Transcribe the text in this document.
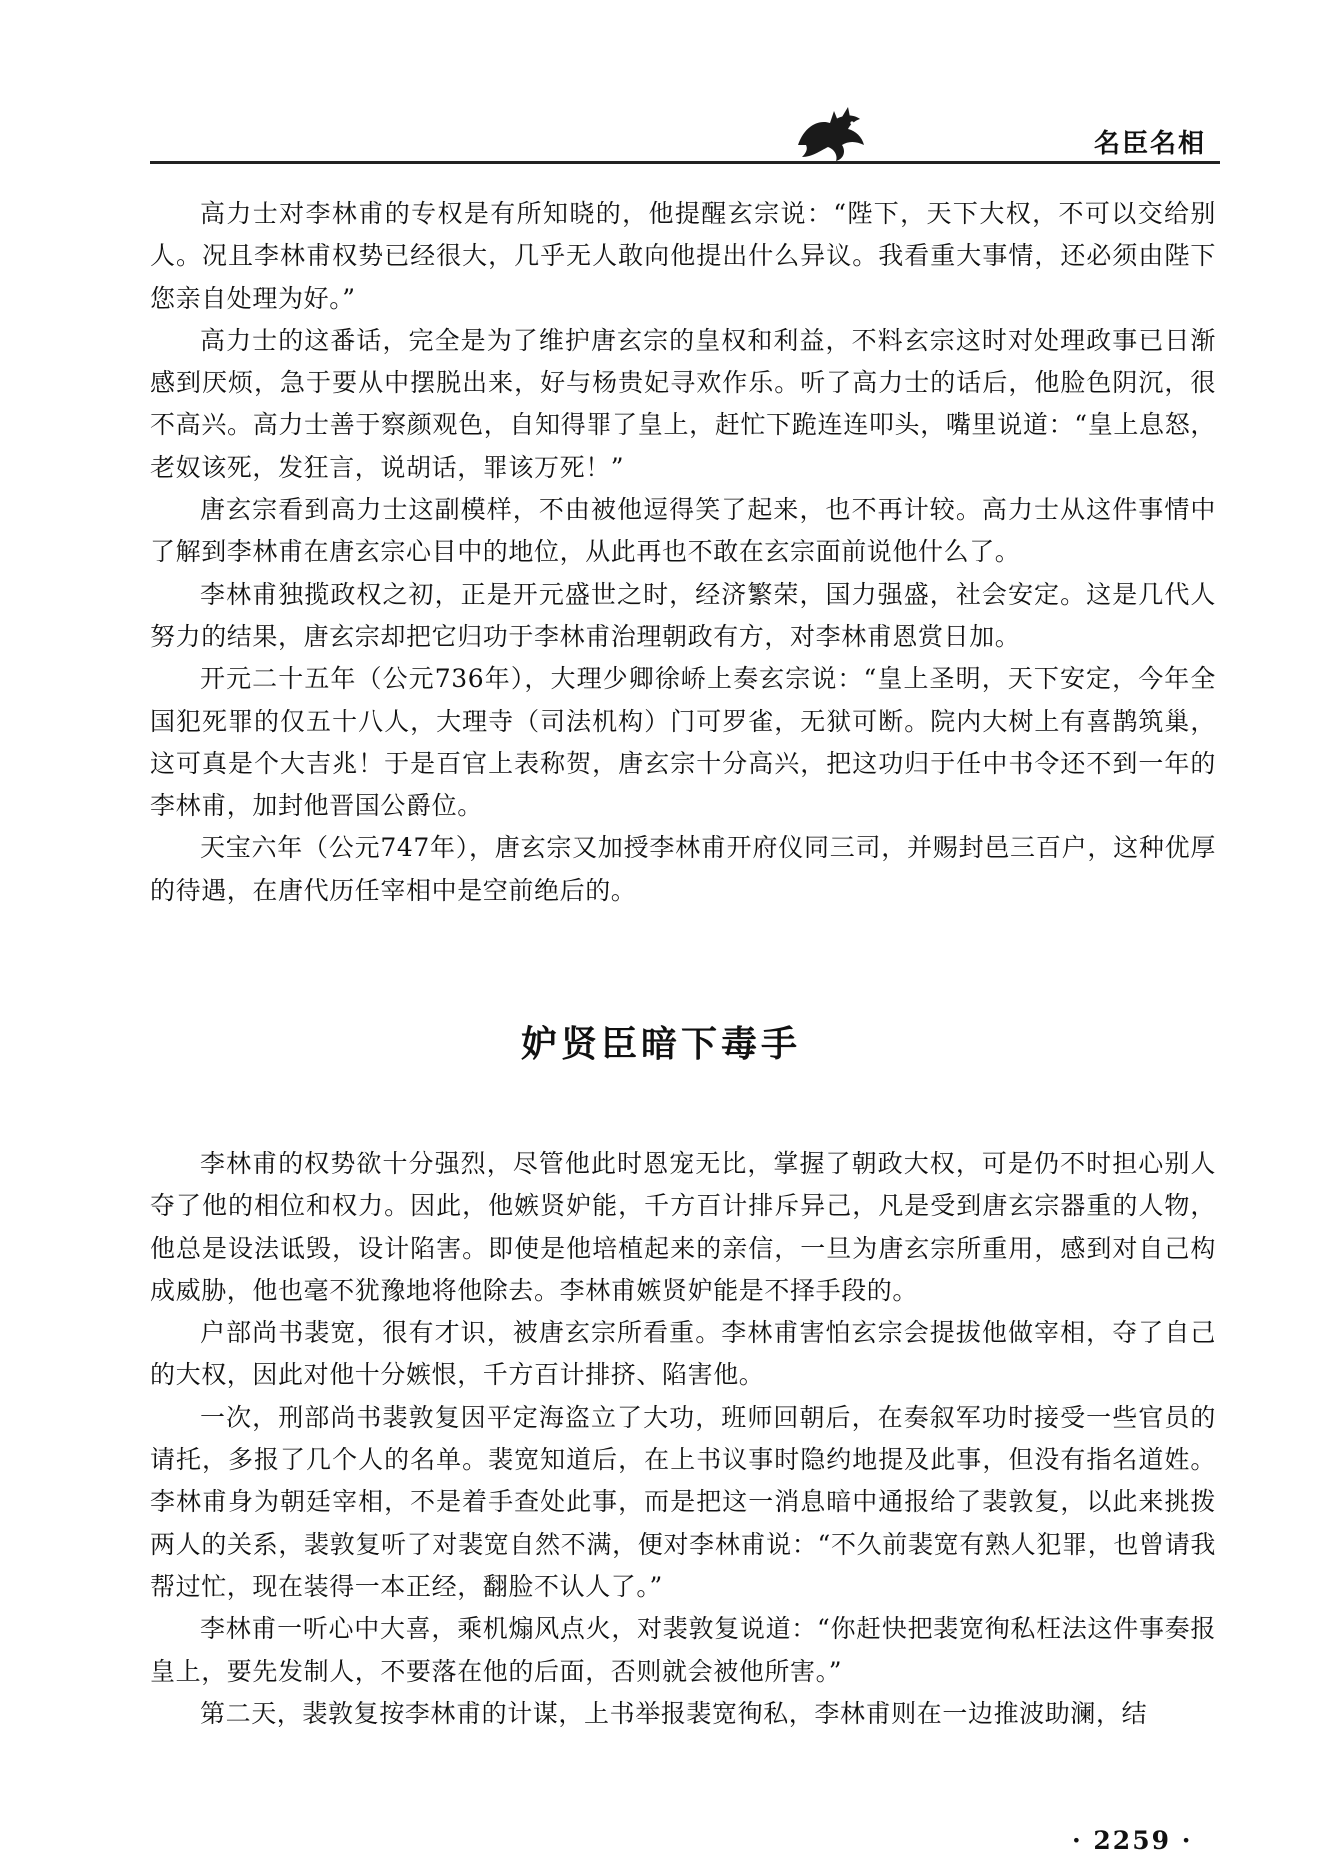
名臣名相

高力士对李林甫的专权是有所知晓的，他提醒玄宗说：“陛下，天下大权，不可以交给别人。况且李林甫权势已经很大，几乎无人敢向他提出什么异议。我看重大事情，还必须由陛下您亲自处理为好。”

高力士的这番话，完全是为了维护唐玄宗的皇权和利益，不料玄宗这时对处理政事已日渐感到厌烦，急于要从中摆脱出来，好与杨贵妃寻欢作乐。听了高力士的话后，他脸色阴沉，很不高兴。高力士善于察颜观色，自知得罪了皇上，赶忙下跪连连叩头，嘴里说道：“皇上息怒，老奴该死，发狂言，说胡话，罪该万死！”

唐玄宗看到高力士这副模样，不由被他逗得笑了起来，也不再计较。高力士从这件事情中了解到李林甫在唐玄宗心目中的地位，从此再也不敢在玄宗面前说他什么了。

李林甫独揽政权之初，正是开元盛世之时，经济繁荣，国力强盛，社会安定。这是几代人努力的结果，唐玄宗却把它归功于李林甫治理朝政有方，对李林甫恩赏日加。

开元二十五年（公元736年），大理少卿徐峤上奏玄宗说：“皇上圣明，天下安定，今年全国犯死罪的仅五十八人，大理寺（司法机构）门可罗雀，无狱可断。院内大树上有喜鹊筑巢，这可真是个大吉兆！于是百官上表称贺，唐玄宗十分高兴，把这功归于任中书令还不到一年的李林甫，加封他晋国公爵位。

天宝六年（公元747年），唐玄宗又加授李林甫开府仪同三司，并赐封邑三百户，这种优厚的待遇，在唐代历任宰相中是空前绝后的。

妒贤臣暗下毒手

李林甫的权势欲十分强烈，尽管他此时恩宠无比，掌握了朝政大权，可是仍不时担心别人夺了他的相位和权力。因此，他嫉贤妒能，千方百计排斥异己，凡是受到唐玄宗器重的人物，他总是设法诋毁，设计陷害。即使是他培植起来的亲信，一旦为唐玄宗所重用，感到对自己构成威胁，他也毫不犹豫地将他除去。李林甫嫉贤妒能是不择手段的。

户部尚书裴宽，很有才识，被唐玄宗所看重。李林甫害怕玄宗会提拔他做宰相，夺了自己的大权，因此对他十分嫉恨，千方百计排挤、陷害他。

一次，刑部尚书裴敦复因平定海盗立了大功，班师回朝后，在奏叙军功时接受一些官员的请托，多报了几个人的名单。裴宽知道后，在上书议事时隐约地提及此事，但没有指名道姓。李林甫身为朝廷宰相，不是着手查处此事，而是把这一消息暗中通报给了裴敦复，以此来挑拨两人的关系，裴敦复听了对裴宽自然不满，便对李林甫说：“不久前裴宽有熟人犯罪，也曾请我帮过忙，现在装得一本正经，翻脸不认人了。”

李林甫一听心中大喜，乘机煽风点火，对裴敦复说道：“你赶快把裴宽徇私枉法这件事奏报皇上，要先发制人，不要落在他的后面，否则就会被他所害。”

第二天，裴敦复按李林甫的计谋，上书举报裴宽徇私，李林甫则在一边推波助澜，结

· 2259 ·
